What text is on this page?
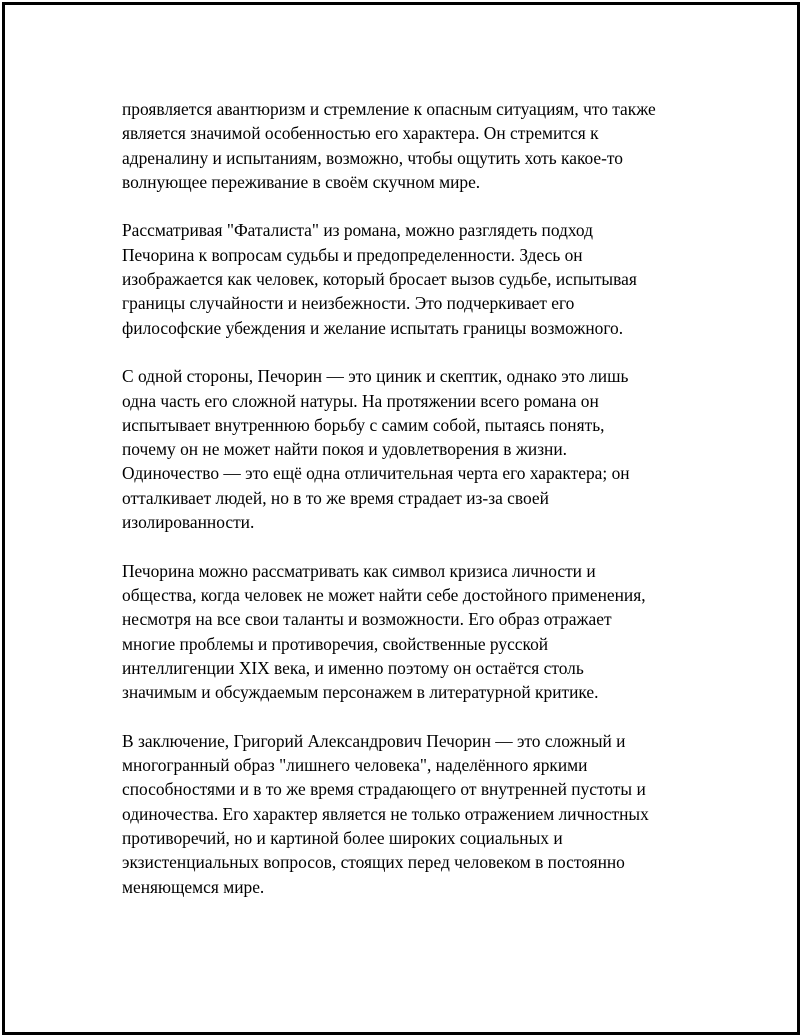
проявляется авантюризм и стремление к опасным ситуациям, что также
является значимой особенностью его характера. Он стремится к
адреналину и испытаниям, возможно, чтобы ощутить хоть какое-то
волнующее переживание в своём скучном мире.

Рассматривая "Фаталиста" из романа, можно разглядеть подход
Печорина к вопросам судьбы и предопределенности. Здесь он
изображается как человек, который бросает вызов судьбе, испытывая
границы случайности и неизбежности. Это подчеркивает его
философские убеждения и желание испытать границы возможного.

С одной стороны, Печорин — это циник и скептик, однако это лишь
одна часть его сложной натуры. На протяжении всего романа он
испытывает внутреннюю борьбу с самим собой, пытаясь понять,
почему он не может найти покоя и удовлетворения в жизни.
Одиночество — это ещё одна отличительная черта его характера; он
отталкивает людей, но в то же время страдает из-за своей
изолированности.

Печорина можно рассматривать как символ кризиса личности и
общества, когда человек не может найти себе достойного применения,
несмотря на все свои таланты и возможности. Его образ отражает
многие проблемы и противоречия, свойственные русской
интеллигенции XIX века, и именно поэтому он остаётся столь
значимым и обсуждаемым персонажем в литературной критике.

В заключение, Григорий Александрович Печорин — это сложный и
многогранный образ "лишнего человека", наделённого яркими
способностями и в то же время страдающего от внутренней пустоты и
одиночества. Его характер является не только отражением личностных
противоречий, но и картиной более широких социальных и
экзистенциальных вопросов, стоящих перед человеком в постоянно
меняющемся мире.
